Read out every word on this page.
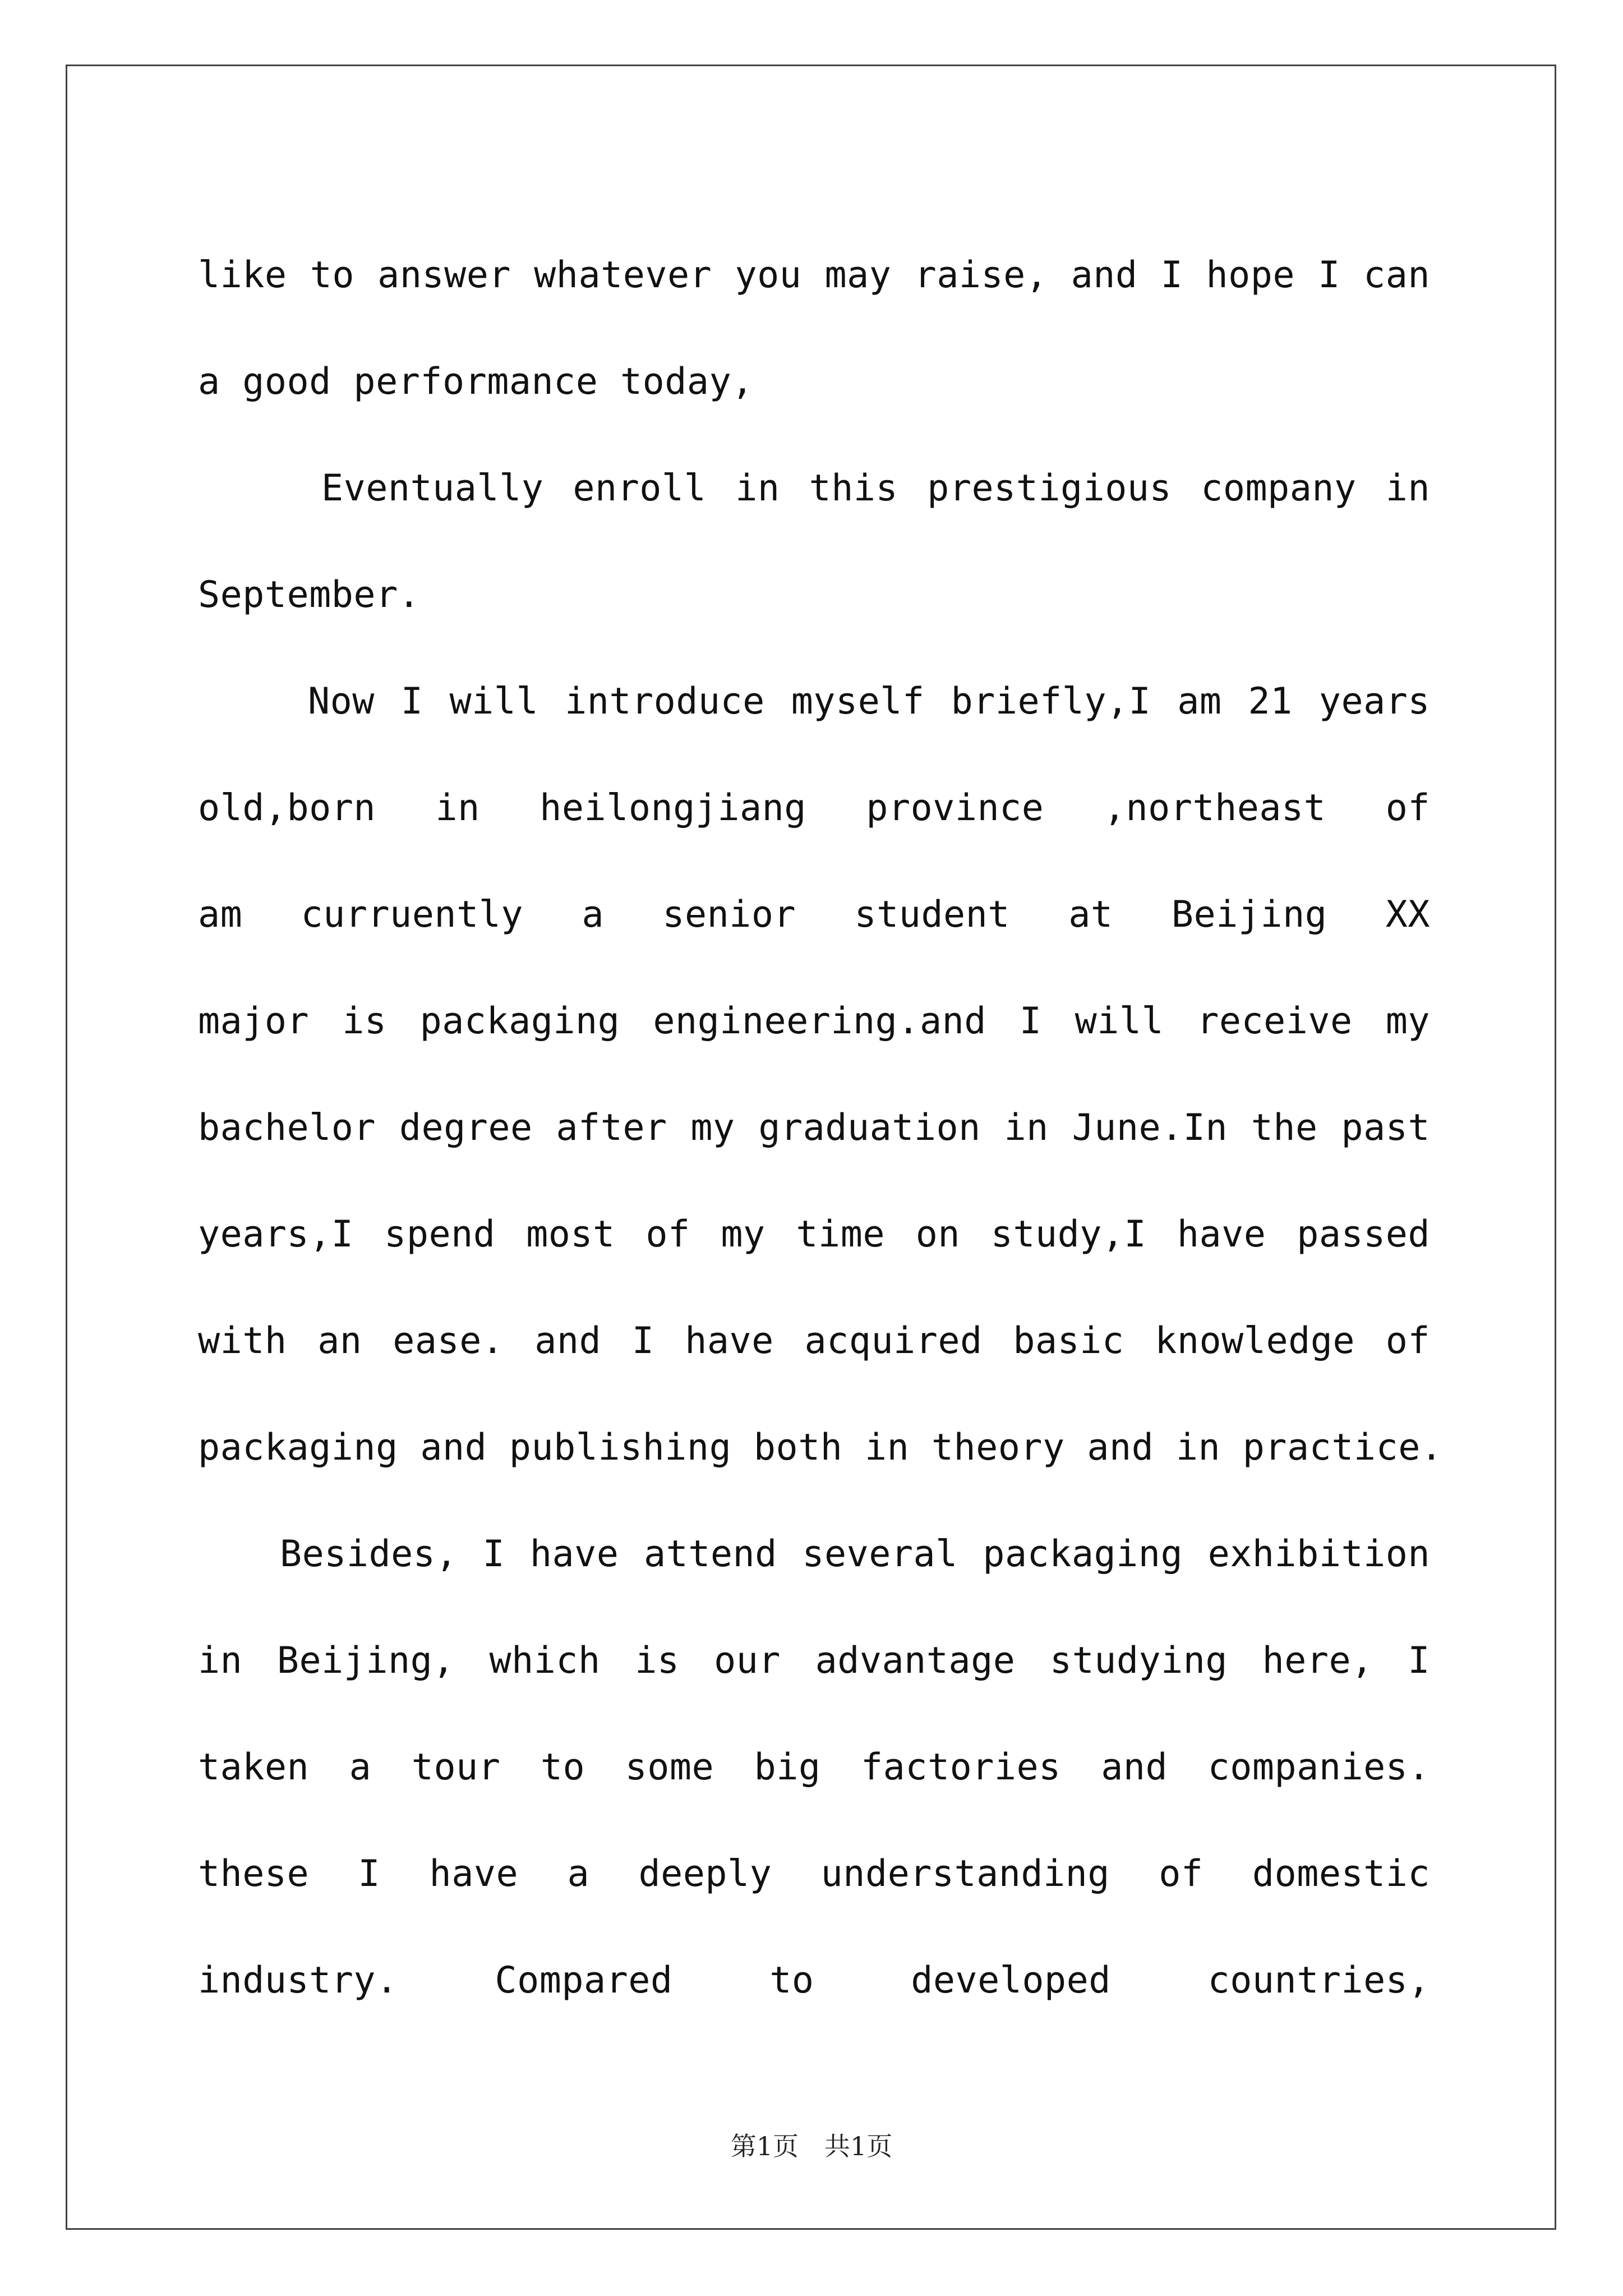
like to answer whatever you may raise, and I hope I can
a good performance today,
Eventually enroll in this prestigious company in
September.
Now I will introduce myself briefly,I am 21 years
old,born in heilongjiang province ,northeast of
am curruently a senior student at Beijing XX
major is packaging engineering.and I will receive my
bachelor degree after my graduation in June.In the past
years,I spend most of my time on study,I have passed
with an ease. and I have acquired basic knowledge of
packaging and publishing both in theory and in practice.
Besides, I have attend several packaging exhibition
in Beijing, which is our advantage studying here, I
taken a tour to some big factories and companies.
these I have a deeply understanding of domestic
industry. Compared to developed countries,
第1页　共1页
